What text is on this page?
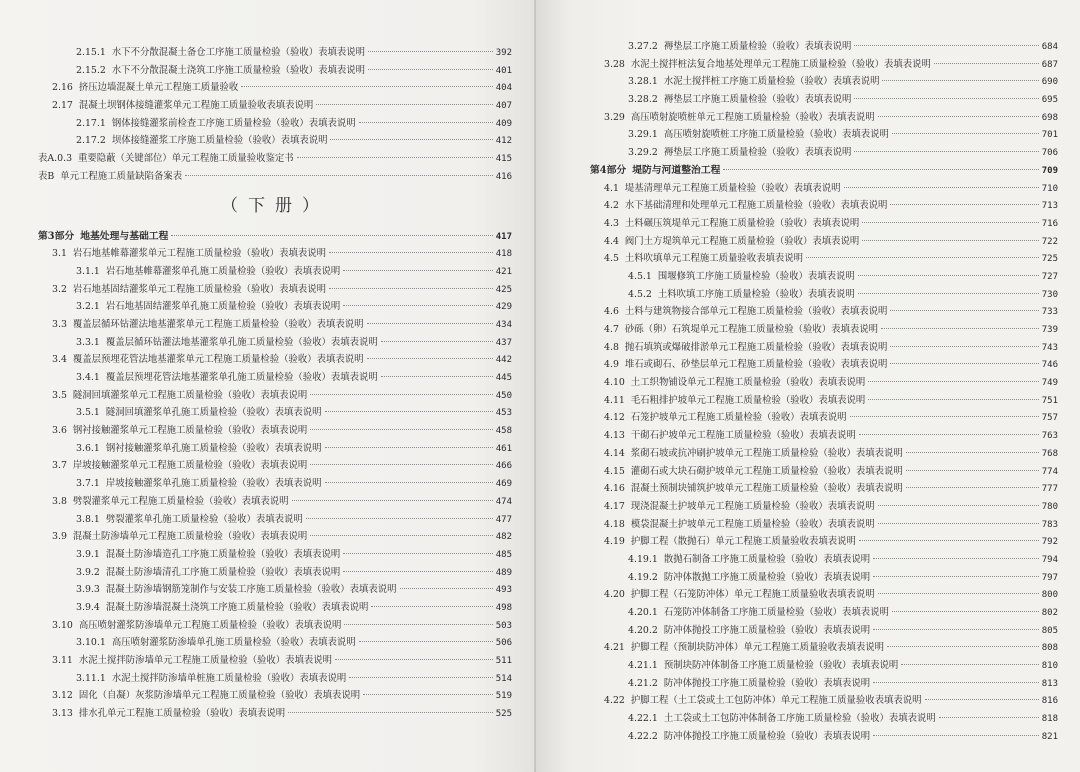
2.15.1 水下不分散混凝土备仓工序施工质量检验（验收）表填表说明	392
2.15.2 水下不分散混凝土浇筑工序施工质量检验（验收）表填表说明	401
2.16 挤压边墙混凝土单元工程施工质量验收	404
2.17 混凝土坝钢体接缝灌浆单元工程施工质量验收表填表说明	407
2.17.1 钢体接缝灌浆前检查工序施工质量检验（验收）表填表说明	409
2.17.2 坝体接缝灌浆工序施工质量检验（验收）表填表说明	412
表A.0.3 重要隐蔽（关键部位）单元工程施工质量验收鉴定书	415
表B 单元工程施工质量缺陷备案表	416
（下册）
第3部分 地基处理与基础工程	417
3.1 岩石地基帷幕灌浆单元工程施工质量检验（验收）表填表说明	418
3.1.1 岩石地基帷幕灌浆单孔施工质量检验（验收）表填表说明	421
3.2 岩石地基固结灌浆单元工程施工质量检验（验收）表填表说明	425
3.2.1 岩石地基固结灌浆单孔施工质量检验（验收）表填表说明	429
3.3 覆盖层循环钻灌法地基灌浆单元工程施工质量检验（验收）表填表说明	434
3.3.1 覆盖层循环钻灌法地基灌浆单孔施工质量检验（验收）表填表说明	437
3.4 覆盖层预埋花管法地基灌浆单元工程施工质量检验（验收）表填表说明	442
3.4.1 覆盖层预埋花管法地基灌浆单孔施工质量检验（验收）表填表说明	445
3.5 隧洞回填灌浆单元工程施工质量检验（验收）表填表说明	450
3.5.1 隧洞回填灌浆单孔施工质量检验（验收）表填表说明	453
3.6 钢衬接触灌浆单元工程施工质量检验（验收）表填表说明	458
3.6.1 钢衬接触灌浆单孔施工质量检验（验收）表填表说明	461
3.7 岸坡接触灌浆单元工程施工质量检验（验收）表填表说明	466
3.7.1 岸坡接触灌浆单孔施工质量检验（验收）表填表说明	469
3.8 劈裂灌浆单元工程施工质量检验（验收）表填表说明	474
3.8.1 劈裂灌浆单孔施工质量检验（验收）表填表说明	477
3.9 混凝土防渗墙单元工程施工质量检验（验收）表填表说明	482
3.9.1 混凝土防渗墙造孔工序施工质量检验（验收）表填表说明	485
3.9.2 混凝土防渗墙清孔工序施工质量检验（验收）表填表说明	489
3.9.3 混凝土防渗墙钢筋笼制作与安装工序施工质量检验（验收）表填表说明	493
3.9.4 混凝土防渗墙混凝土浇筑工序施工质量检验（验收）表填表说明	498
3.10 高压喷射灌浆防渗墙单元工程施工质量检验（验收）表填表说明	503
3.10.1 高压喷射灌浆防渗墙单孔施工质量检验（验收）表填表说明	506
3.11 水泥土搅拌防渗墙单元工程施工质量检验（验收）表填表说明	511
3.11.1 水泥土搅拌防渗墙单桩施工质量检验（验收）表填表说明	514
3.12 固化（自凝）灰浆防渗墙单元工程施工质量检验（验收）表填表说明	519
3.13 排水孔单元工程施工质量检验（验收）表填表说明	525
3.27.2 褥垫层工序施工质量检验（验收）表填表说明	684
3.28 水泥土搅拌桩法复合地基处理单元工程施工质量检验（验收）表填表说明	687
3.28.1 水泥土搅拌桩工序施工质量检验（验收）表填表说明	690
3.28.2 褥垫层工序施工质量检验（验收）表填表说明	695
3.29 高压喷射旋喷桩单元工程施工质量检验（验收）表填表说明	698
3.29.1 高压喷射旋喷桩工序施工质量检验（验收）表填表说明	701
3.29.2 褥垫层工序施工质量检验（验收）表填表说明	706
第4部分 堤防与河道整治工程	709
4.1 堤基清理单元工程施工质量检验（验收）表填表说明	710
4.2 水下基础清理和处理单元工程施工质量检验（验收）表填表说明	713
4.3 土料碾压筑堤单元工程施工质量检验（验收）表填表说明	716
4.4 阀门土方堤筑单元工程施工质量检验（验收）表填表说明	722
4.5 土料吹填单元工程施工质量验收表填表说明	725
4.5.1 围堰修筑工序施工质量检验（验收）表填表说明	727
4.5.2 土料吹填工序施工质量检验（验收）表填表说明	730
4.6 土料与建筑物接合部单元工程施工质量检验（验收）表填表说明	733
4.7 砂砾（卵）石筑堤单元工程施工质量检验（验收）表填表说明	739
4.8 抛石填筑或爆破排淤单元工程施工质量检验（验收）表填表说明	743
4.9 堆石或砌石、砂垫层单元工程施工质量检验（验收）表填表说明	746
4.10 土工织物铺设单元工程施工质量检验（验收）表填表说明	749
4.11 毛石粗排护坡单元工程施工质量检验（验收）表填表说明	751
4.12 石笼护坡单元工程施工质量检验（验收）表填表说明	757
4.13 干砌石护坡单元工程施工质量检验（验收）表填表说明	763
4.14 浆砌石坡或抗冲刷护坡单元工程施工质量检验（验收）表填表说明	768
4.15 灌砌石或大块石砌护坡单元工程施工质量检验（验收）表填表说明	774
4.16 混凝土预制块铺筑护坡单元工程施工质量检验（验收）表填表说明	777
4.17 现浇混凝土护坡单元工程施工质量检验（验收）表填表说明	780
4.18 模袋混凝土护坡单元工程施工质量检验（验收）表填表说明	783
4.19 护脚工程（散抛石）单元工程施工质量验收表填表说明	792
4.19.1 散抛石制备工序施工质量检验（验收）表填表说明	794
4.19.2 防冲体散抛工序施工质量检验（验收）表填表说明	797
4.20 护脚工程（石笼防冲体）单元工程施工质量验收表填表说明	800
4.20.1 石笼防冲体制备工序施工质量检验（验收）表填表说明	802
4.20.2 防冲体抛投工序施工质量检验（验收）表填表说明	805
4.21 护脚工程（预制块防冲体）单元工程施工质量验收表填表说明	808
4.21.1 预制块防冲体制备工序施工质量检验（验收）表填表说明	810
4.21.2 防冲体抛投工序施工质量检验（验收）表填表说明	813
4.22 护脚工程（土工袋或土工包防冲体）单元工程施工质量验收表填表说明	816
4.22.1 土工袋或土工包防冲体制备工序施工质量检验（验收）表填表说明	818
4.22.2 防冲体抛投工序施工质量检验（验收）表填表说明	821
